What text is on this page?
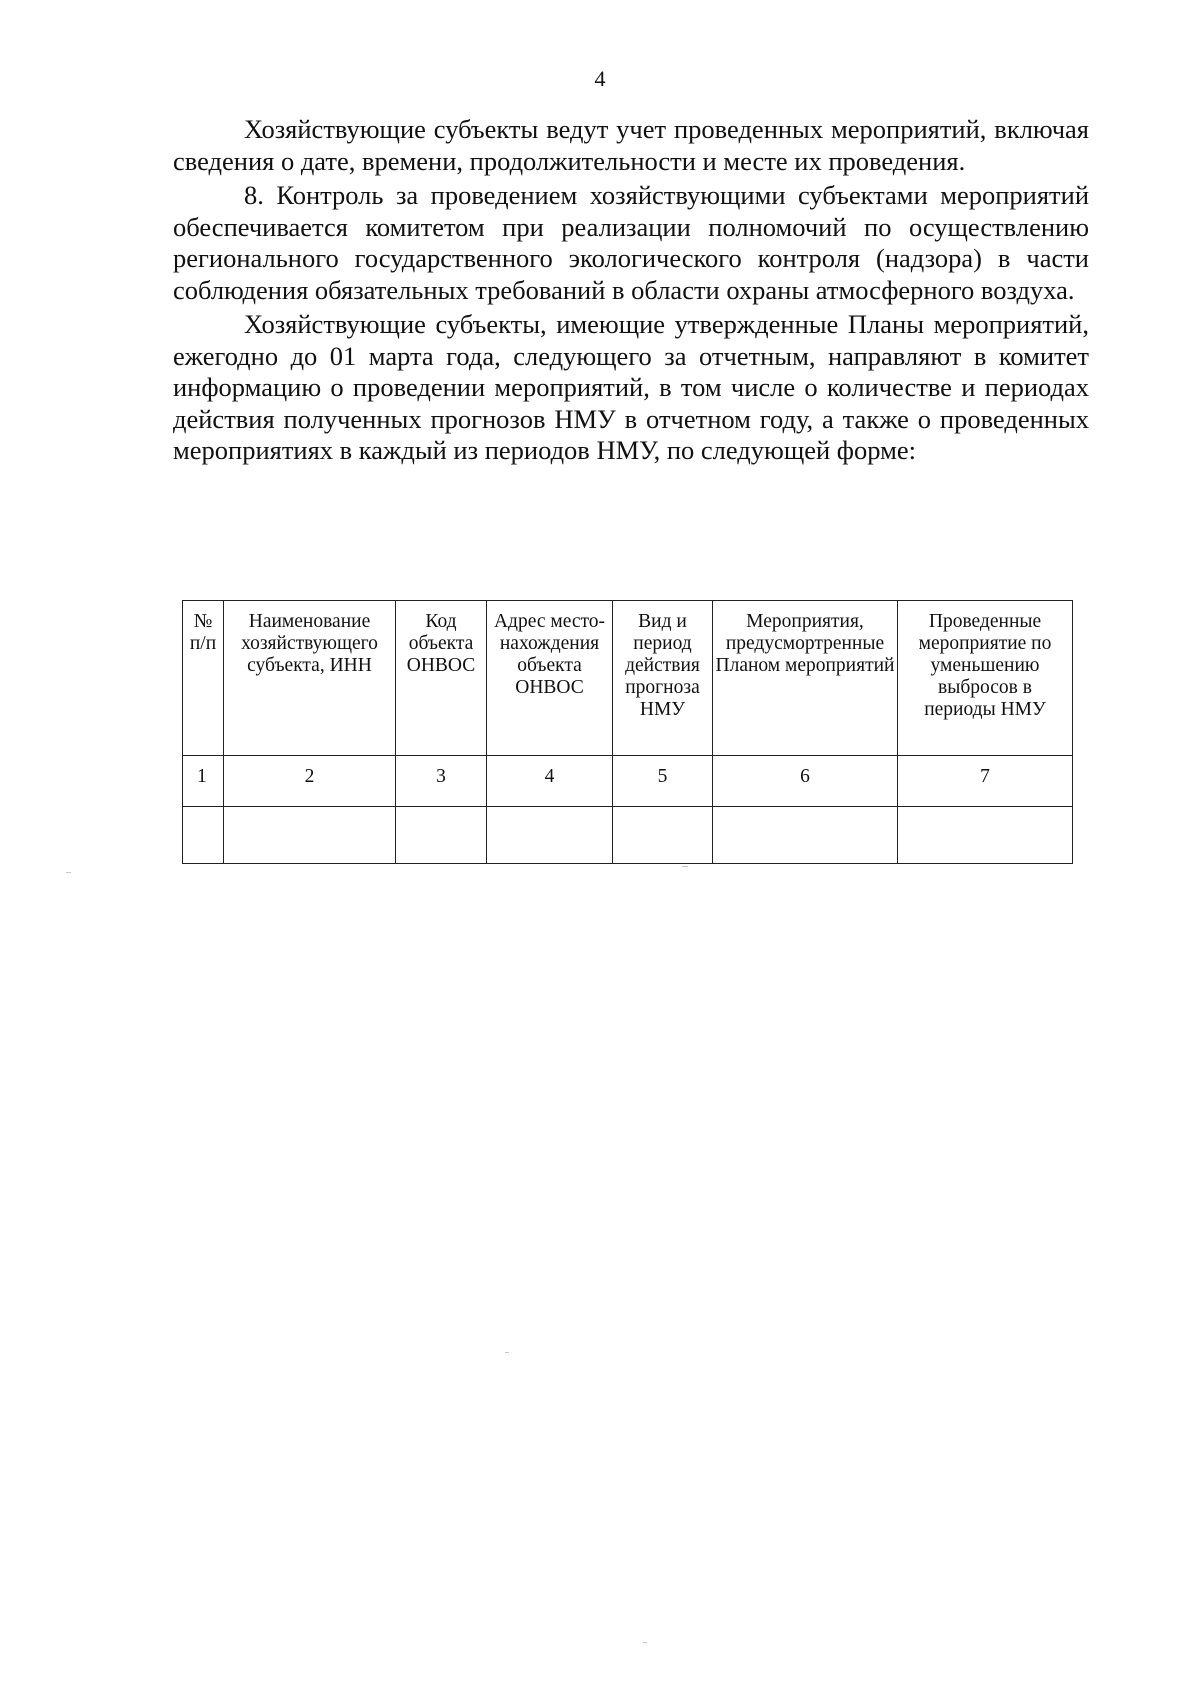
4

Хозяйствующие субъекты ведут учет проведенных мероприятий, включая сведения о дате, времени, продолжительности и месте их проведения.

8. Контроль за проведением хозяйствующими субъектами мероприятий обеспечивается комитетом при реализации полномочий по осуществлению регионального государственного экологического контроля (надзора) в части соблюдения обязательных требований в области охраны атмосферного воздуха.

Хозяйствующие субъекты, имеющие утвержденные Планы мероприятий, ежегодно до 01 марта года, следующего за отчетным, направляют в комитет информацию о проведении мероприятий, в том числе о количестве и периодах действия полученных прогнозов НМУ в отчетном году, а также о проведенных мероприятиях в каждый из периодов НМУ, по следующей форме:

№ п/п	Наименование хозяйствующего субъекта, ИНН	Код объекта ОНВОС	Адрес место- нахождения объекта ОНВОС	Вид и период действия прогноза НМУ	Мероприятия, предусмортренные Планом мероприятий	Проведенные мероприятие по уменьшению выбросов в периоды НМУ
1	2	3	4	5	6	7
